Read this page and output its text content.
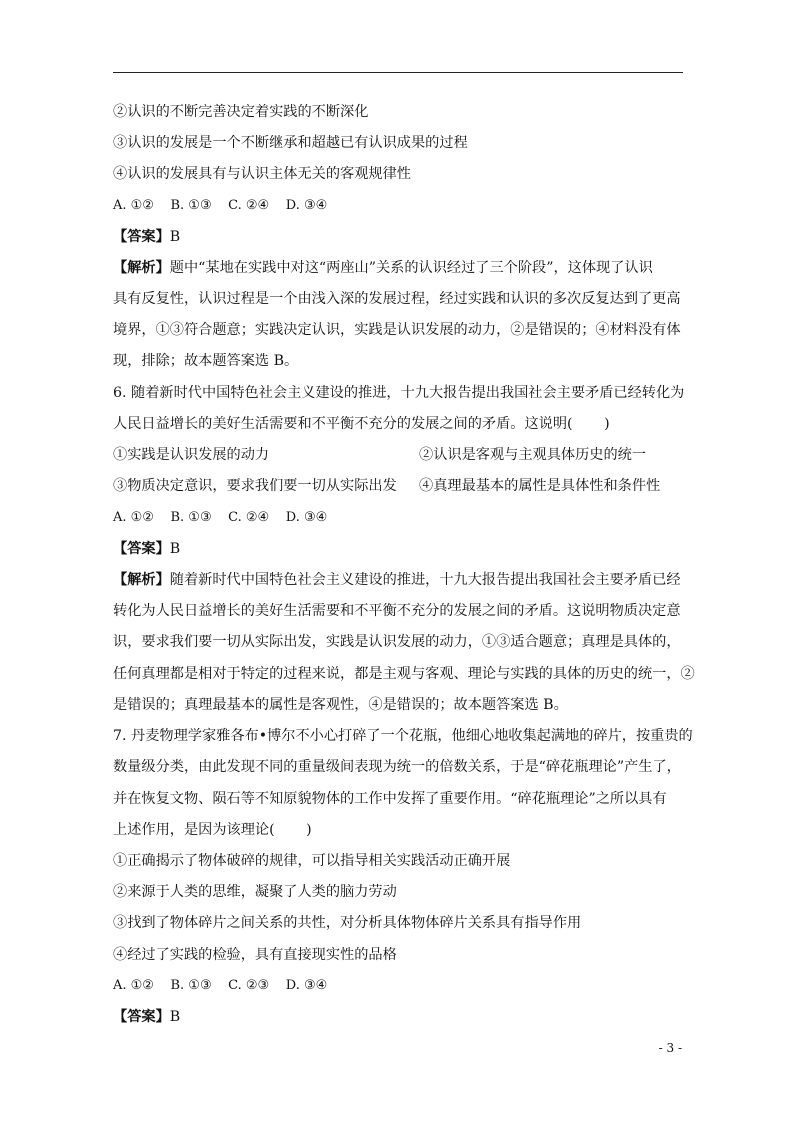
②认识的不断完善决定着实践的不断深化
③认识的发展是一个不断继承和超越已有认识成果的过程
④认识的发展具有与认识主体无关的客观规律性
A. ①②    B. ①③    C. ②④    D. ③④
【答案】B
【解析】题中“某地在实践中对这“两座山”关系的认识经过了三个阶段”，这体现了认识
具有反复性，认识过程是一个由浅入深的发展过程，经过实践和认识的多次反复达到了更高
境界，①③符合题意；实践决定认识，实践是认识发展的动力，②是错误的；④材料没有体
现，排除；故本题答案选 B。
6. 随着新时代中国特色社会主义建设的推进，十九大报告提出我国社会主要矛盾已经转化为
人民日益增长的美好生活需要和不平衡不充分的发展之间的矛盾。这说明(       )
①实践是认识发展的动力	②认识是客观与主观具体历史的统一
③物质决定意识，要求我们要一切从实际出发 ④真理最基本的属性是具体性和条件性
A. ①②    B. ①③    C. ②④    D. ③④
【答案】B
【解析】随着新时代中国特色社会主义建设的推进，十九大报告提出我国社会主要矛盾已经
转化为人民日益增长的美好生活需要和不平衡不充分的发展之间的矛盾。这说明物质决定意
识，要求我们要一切从实际出发，实践是认识发展的动力，①③适合题意；真理是具体的，
任何真理都是相对于特定的过程来说，都是主观与客观、理论与实践的具体的历史的统一，②
是错误的；真理最基本的属性是客观性，④是错误的；故本题答案选 B。
7. 丹麦物理学家雅各布•博尔不小心打碎了一个花瓶，他细心地收集起满地的碎片，按重贵的
数量级分类，由此发现不同的重量级间表现为统一的倍数关系，于是“碎花瓶理论”产生了，
并在恢复文物、陨石等不知原貌物体的工作中发挥了重要作用。“碎花瓶理论”之所以具有
上述作用，是因为该理论(       )
①正确揭示了物体破碎的规律，可以指导相关实践活动正确开展
②来源于人类的思维，凝聚了人类的脑力劳动
③找到了物体碎片之间关系的共性，对分析具体物体碎片关系具有指导作用
④经过了实践的检验，具有直接现实性的品格
A. ①②    B. ①③    C. ②③    D. ③④
【答案】B
- 3 -
